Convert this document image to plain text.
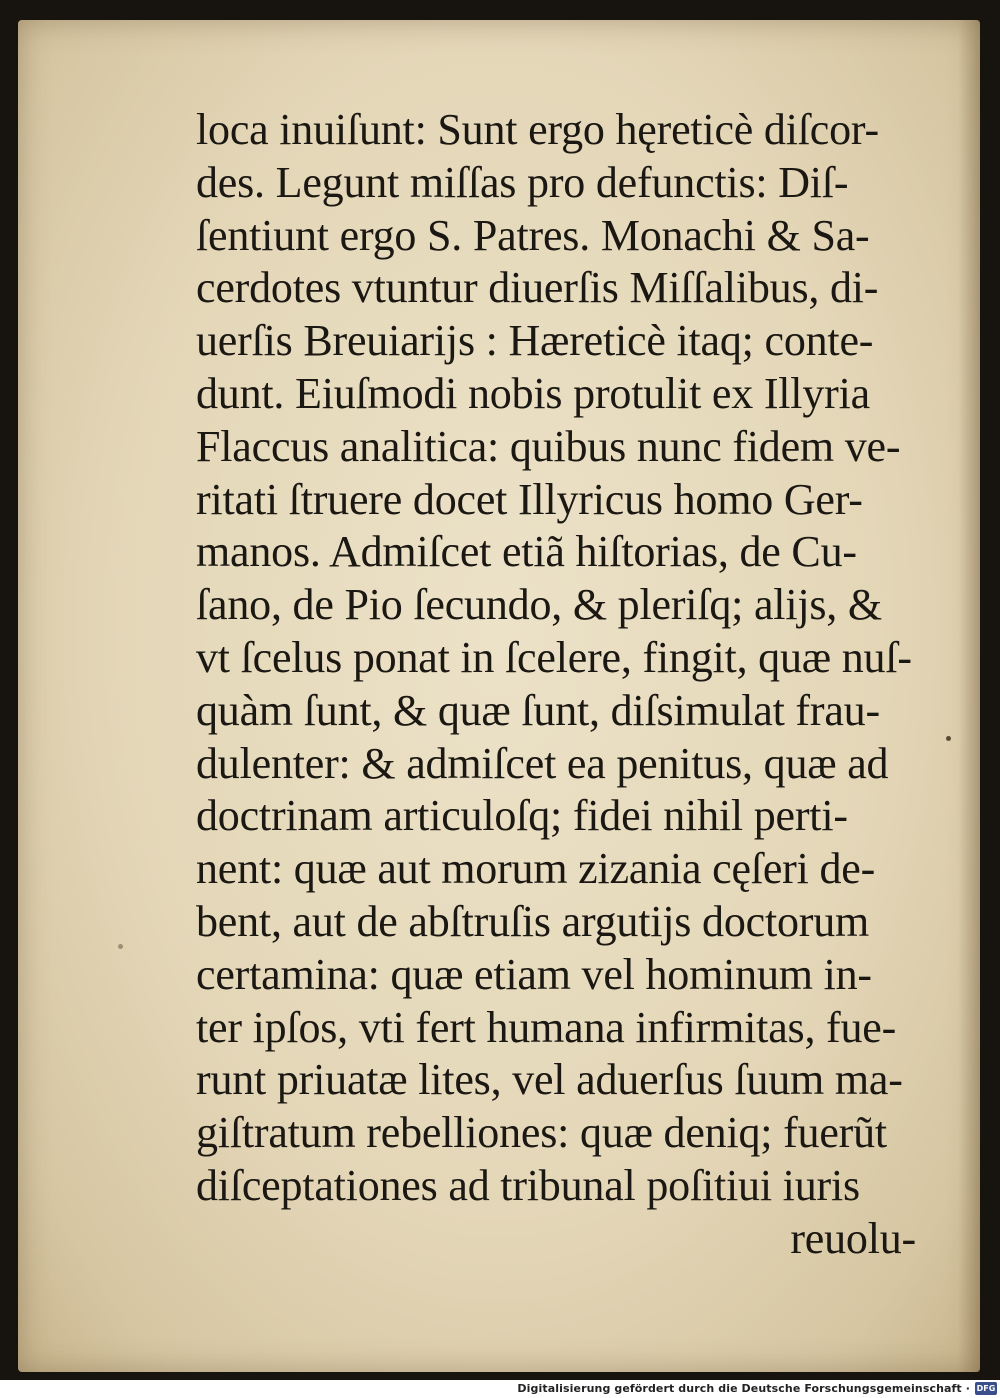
loca inuiſunt: Sunt ergo hęreticè diſcor-
des. Legunt miſſas pro defunctis: Diſ-
ſentiunt ergo S. Patres. Monachi & Sa-
cerdotes vtuntur diuerſis Miſſalibus, di-
uerſis Breuiarijs : Hæreticè itaq; conte-
dunt. Eiuſmodi nobis protulit ex Illyria
Flaccus analitica: quibus nunc fidem ve-
ritati ſtruere docet Illyricus homo Ger-
manos. Admiſcet etiã hiſtorias, de Cu-
ſano, de Pio ſecundo, & pleriſq; alijs, &
vt ſcelus ponat in ſcelere, fingit, quæ nuſ-
quàm ſunt, & quæ ſunt, diſsimulat frau-
dulenter: & admiſcet ea penitus, quæ ad
doctrinam articuloſq; fidei nihil perti-
nent: quæ aut morum zizania cęſeri de-
bent, aut de abſtruſis argutijs doctorum
certamina: quæ etiam vel hominum in-
ter ipſos, vti fert humana infirmitas, fue-
runt priuatæ lites, vel aduerſus ſuum ma-
giſtratum rebelliones: quæ deniq; fuerũt
diſceptationes ad tribunal poſitiui iuris
reuolu-
Digitalisierung gefördert durch die Deutsche Forschungsgemeinschaft · DFG
